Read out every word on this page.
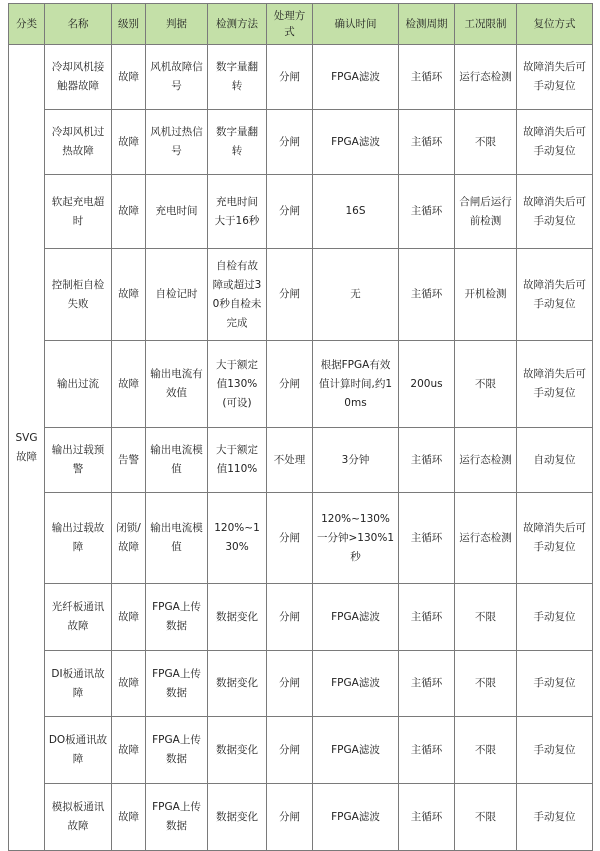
分类	名称	级别	判据	检测方法	处理方式	确认时间	检测周期	工况限制	复位方式
SVG故障	冷却风机接触器故障	故障	风机故障信号	数字量翻转	分闸	FPGA滤波	主循环	运行态检测	故障消失后可手动复位
	冷却风机过热故障	故障	风机过热信号	数字量翻转	分闸	FPGA滤波	主循环	不限	故障消失后可手动复位
	软起充电超时	故障	充电时间	充电时间大于16秒	分闸	16S	主循环	合闸后运行前检测	故障消失后可手动复位
	控制柜自检失败	故障	自检记时	自检有故障或超过30秒自检未完成	分闸	无	主循环	开机检测	故障消失后可手动复位
	输出过流	故障	输出电流有效值	大于额定值130%(可设)	分闸	根据FPGA有效值计算时间,约10ms	200us	不限	故障消失后可手动复位
	输出过载预警	告警	输出电流模值	大于额定值110%	不处理	3分钟	主循环	运行态检测	自动复位
	输出过载故障	闭锁/故障	输出电流模值	120%~130%	分闸	120%~130%一分钟>130%1秒	主循环	运行态检测	故障消失后可手动复位
	光纤板通讯故障	故障	FPGA上传数据	数据变化	分闸	FPGA滤波	主循环	不限	手动复位
	DI板通讯故障	故障	FPGA上传数据	数据变化	分闸	FPGA滤波	主循环	不限	手动复位
	DO板通讯故障	故障	FPGA上传数据	数据变化	分闸	FPGA滤波	主循环	不限	手动复位
	模拟板通讯故障	故障	FPGA上传数据	数据变化	分闸	FPGA滤波	主循环	不限	手动复位
